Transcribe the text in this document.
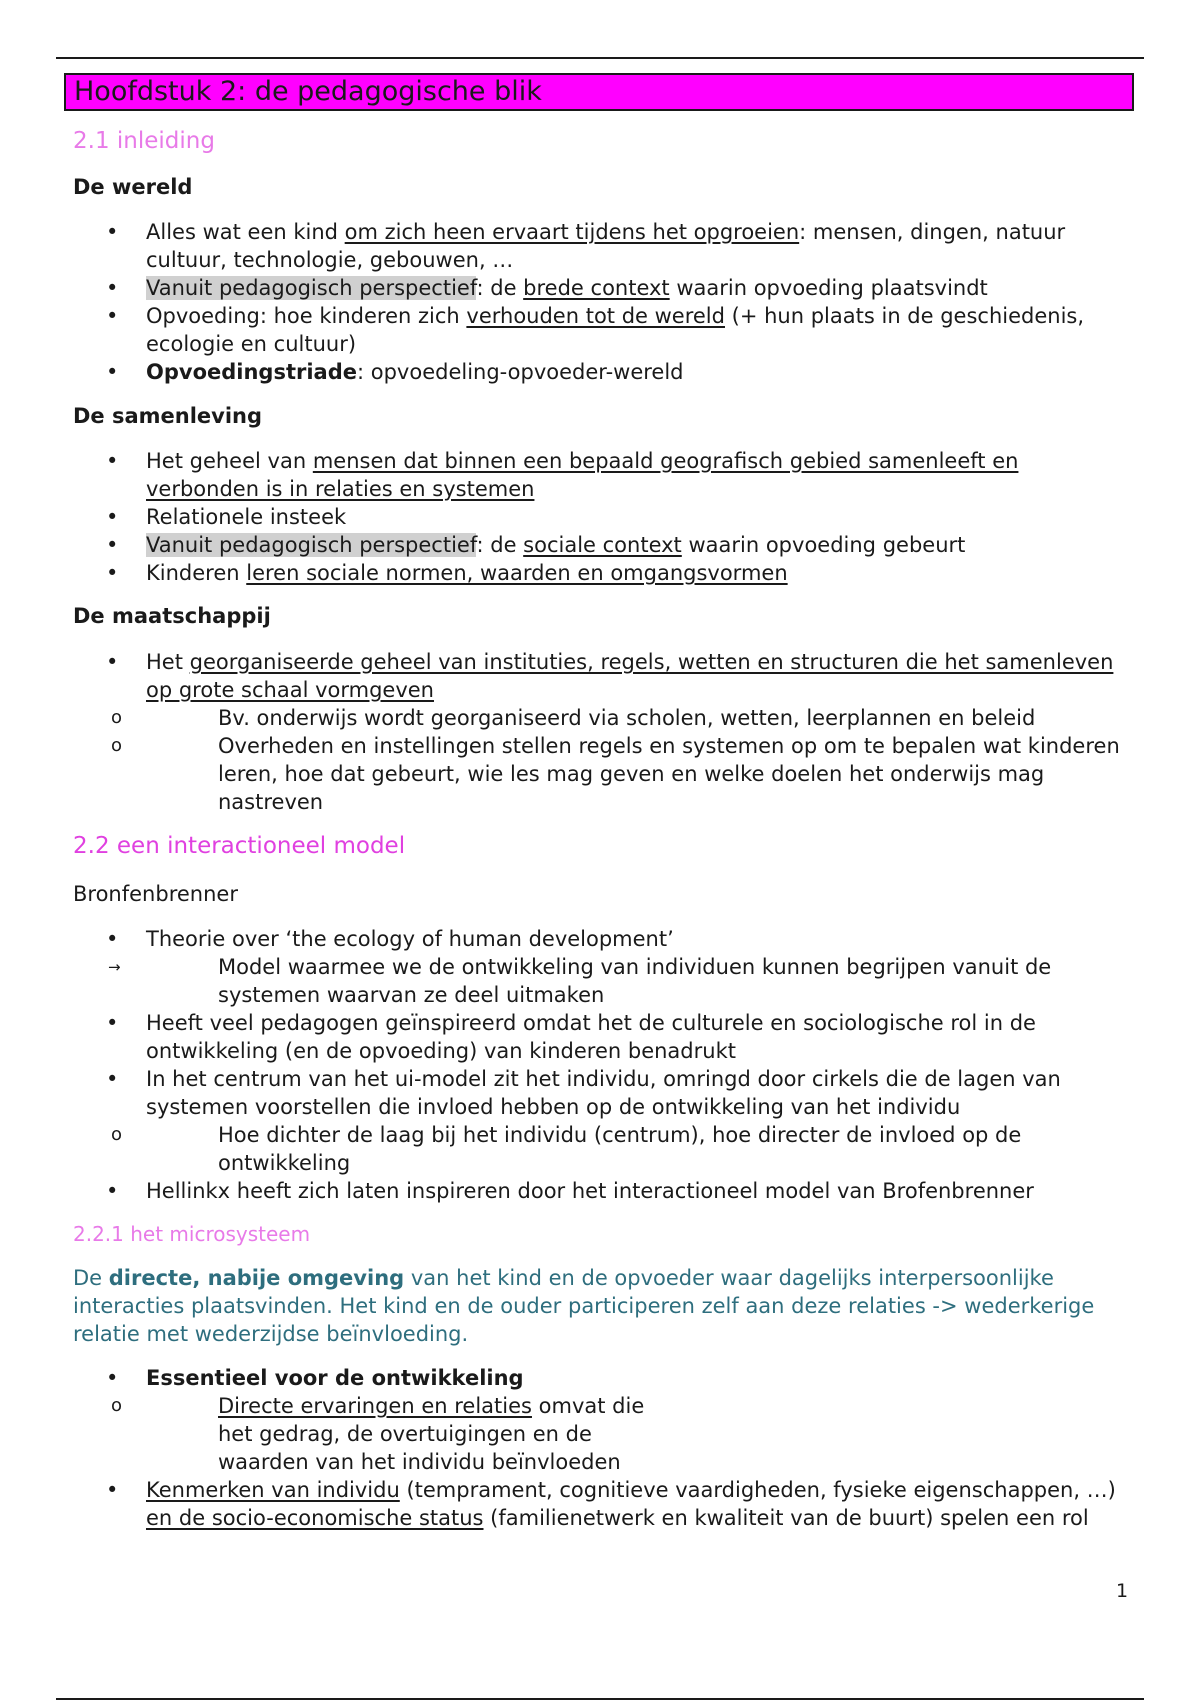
Hoofdstuk 2: de pedagogische blik
2.1 inleiding
De wereld
• Alles wat een kind om zich heen ervaart tijdens het opgroeien: mensen, dingen, natuur cultuur, technologie, gebouwen, …
• Vanuit pedagogisch perspectief: de brede context waarin opvoeding plaatsvindt
• Opvoeding: hoe kinderen zich verhouden tot de wereld (+ hun plaats in de geschiedenis, ecologie en cultuur)
• Opvoedingstriade: opvoedeling-opvoeder-wereld
De samenleving
• Het geheel van mensen dat binnen een bepaald geografisch gebied samenleeft en verbonden is in relaties en systemen
• Relationele insteek
• Vanuit pedagogisch perspectief: de sociale context waarin opvoeding gebeurt
• Kinderen leren sociale normen, waarden en omgangsvormen
De maatschappij
• Het georganiseerde geheel van instituties, regels, wetten en structuren die het samenleven op grote schaal vormgeven
o Bv. onderwijs wordt georganiseerd via scholen, wetten, leerplannen en beleid
o Overheden en instellingen stellen regels en systemen op om te bepalen wat kinderen leren, hoe dat gebeurt, wie les mag geven en welke doelen het onderwijs mag nastreven
2.2 een interactioneel model
Bronfenbrenner
• Theorie over ‘the ecology of human development’
→ Model waarmee we de ontwikkeling van individuen kunnen begrijpen vanuit de systemen waarvan ze deel uitmaken
• Heeft veel pedagogen geïnspireerd omdat het de culturele en sociologische rol in de ontwikkeling (en de opvoeding) van kinderen benadrukt
• In het centrum van het ui-model zit het individu, omringd door cirkels die de lagen van systemen voorstellen die invloed hebben op de ontwikkeling van het individu
o Hoe dichter de laag bij het individu (centrum), hoe directer de invloed op de ontwikkeling
• Hellinkx heeft zich laten inspireren door het interactioneel model van Brofenbrenner
2.2.1 het microsysteem
De directe, nabije omgeving van het kind en de opvoeder waar dagelijks interpersoonlijke interacties plaatsvinden. Het kind en de ouder participeren zelf aan deze relaties -> wederkerige relatie met wederzijdse beïnvloeding.
• Essentieel voor de ontwikkeling
o Directe ervaringen en relaties omvat die
het gedrag, de overtuigingen en de
waarden van het individu beïnvloeden
• Kenmerken van individu (temprament, cognitieve vaardigheden, fysieke eigenschappen, …) en de socio-economische status (familienetwerk en kwaliteit van de buurt) spelen een rol
1
